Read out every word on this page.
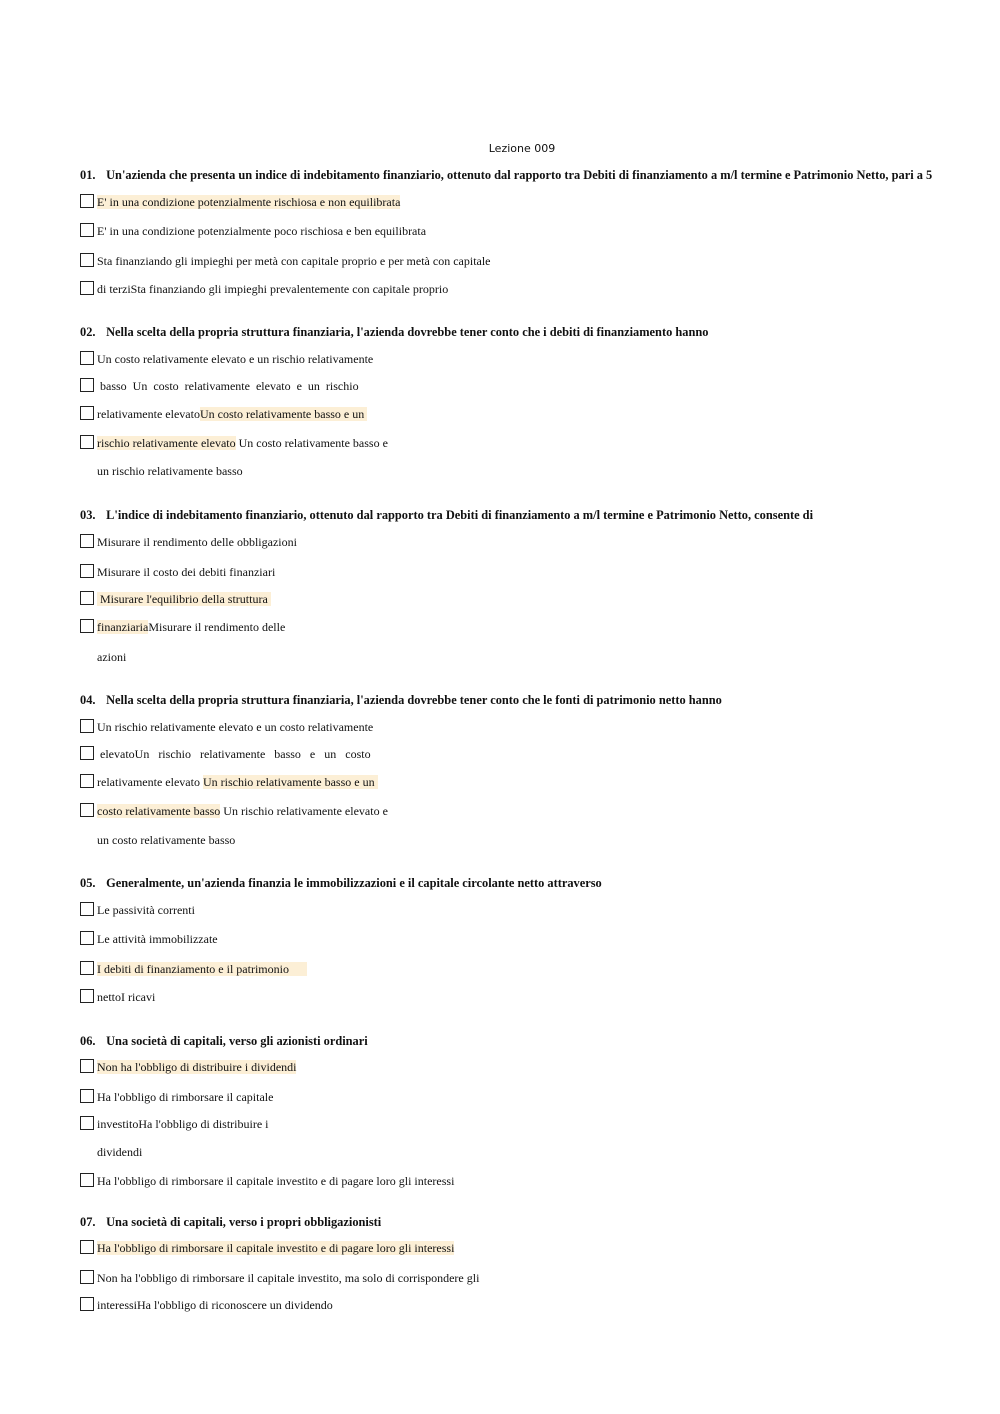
Lezione 009
01. Un'azienda che presenta un indice di indebitamento finanziario, ottenuto dal rapporto tra Debiti di finanziamento a m/l termine e Patrimonio Netto, pari a 5
E' in una condizione potenzialmente rischiosa e non equilibrata
E' in una condizione potenzialmente poco rischiosa e ben equilibrata
Sta finanziando gli impieghi per metà con capitale proprio e per metà con capitale
di terziSta finanziando gli impieghi prevalentemente con capitale proprio
02. Nella scelta della propria struttura finanziaria, l'azienda dovrebbe tener conto che i debiti di finanziamento hanno
Un costo relativamente elevato e un rischio relativamente
basso  Un  costo  relativamente  elevato  e  un  rischio
relativamente elevatoUn costo relativamente basso e un
rischio relativamente elevato Un costo relativamente basso e
un rischio relativamente basso
03. L'indice di indebitamento finanziario, ottenuto dal rapporto tra Debiti di finanziamento a m/l termine e Patrimonio Netto, consente di
Misurare il rendimento delle obbligazioni
Misurare il costo dei debiti finanziari
Misurare l'equilibrio della struttura
finanziariaMisurare il rendimento delle
azioni
04. Nella scelta della propria struttura finanziaria, l'azienda dovrebbe tener conto che le fonti di patrimonio netto hanno
Un rischio relativamente elevato e un costo relativamente
elevatoUn   rischio   relativamente   basso   e   un   costo
relativamente elevato Un rischio relativamente basso e un
costo relativamente basso Un rischio relativamente elevato e
un costo relativamente basso
05. Generalmente, un'azienda finanzia le immobilizzazioni e il capitale circolante netto attraverso
Le passività correnti
Le attività immobilizzate
I debiti di finanziamento e il patrimonio
nettoI ricavi
06. Una società di capitali, verso gli azionisti ordinari
Non ha l'obbligo di distribuire i dividendi
Ha l'obbligo di rimborsare il capitale
investitoHa l'obbligo di distribuire i
dividendi
Ha l'obbligo di rimborsare il capitale investito e di pagare loro gli interessi
07. Una società di capitali, verso i propri obbligazionisti
Ha l'obbligo di rimborsare il capitale investito e di pagare loro gli interessi
Non ha l'obbligo di rimborsare il capitale investito, ma solo di corrispondere gli
interessiHa l'obbligo di riconoscere un dividendo
